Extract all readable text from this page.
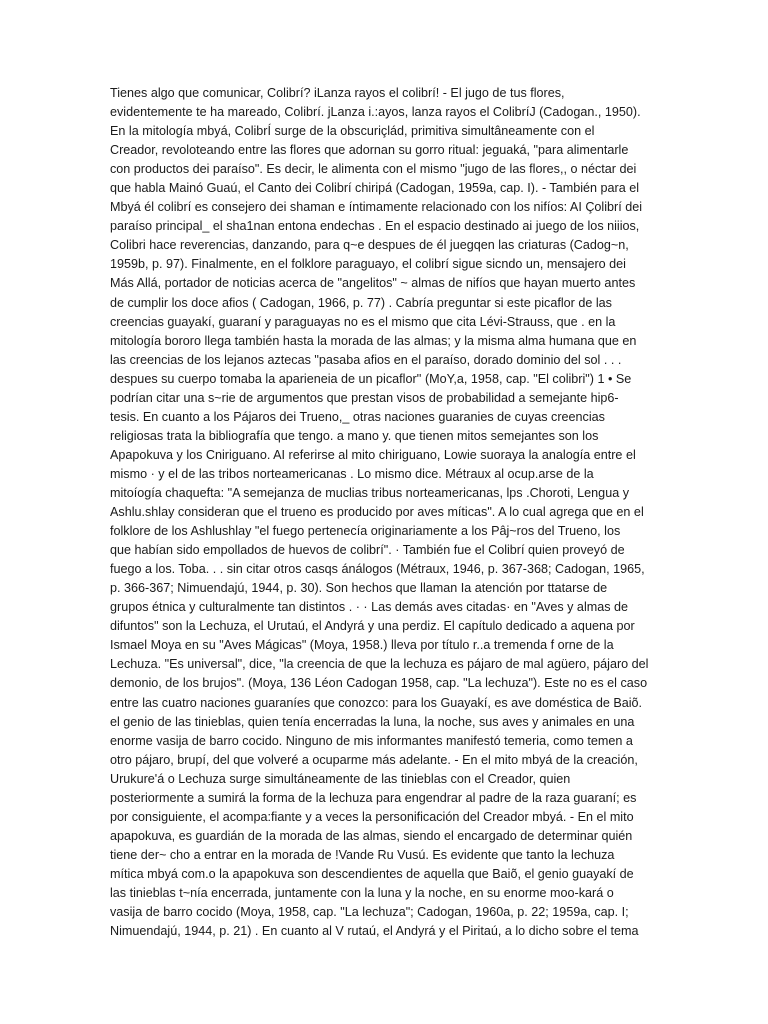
Tienes algo que comunicar, Colibrí? iLanza rayos el colibrí! - El jugo de tus flores,
evidentemente te ha mareado, Colibrí. jLanza i.:ayos, lanza rayos el ColibríJ (Cadogan., 1950).
En la mitología mbyá, ColibrÍ surge de la obscuriçlád, primitiva simultâneamente con el
Creador, revoloteando entre las flores que adornan su gorro ritual: jeguaká, "para alimentarle
con productos dei paraíso". Es decir, le alimenta con el mismo "jugo de las flores,, o néctar dei
que habla Mainó Guaú, el Canto dei Colibrí chiripá (Cadogan, 1959a, cap. I). - También para el
Mbyá él colibrí es consejero dei shaman e íntimamente relacionado con los nifíos: AI Çolibrí dei
paraíso principal_ el sha1nan entona endechas . En el espacio destinado ai juego de los niiios,
Colibri hace reverencias, danzando, para q~e despues de él juegqen las criaturas (Cadog~n,
1959b, p. 97). Finalmente, en el folklore paraguayo, el colibrí sigue sicndo un, mensajero dei
Más Allá, portador de noticias acerca de "angelitos" ~ almas de nifíos que hayan muerto antes
de cumplir los doce afios ( Cadogan, 1966, p. 77) . Cabría preguntar si este picaflor de las
creencias guayakí, guaraní y paraguayas no es el mismo que cita Lévi-Strauss, que . en la
mitología bororo llega también hasta la morada de las almas; y la misma alma humana que en
las creencias de los lejanos aztecas "pasaba afios en el paraíso, dorado dominio del sol . . .
despues su cuerpo tomaba la aparieneia de un picaflor'' (MoY,a, 1958, cap. "El colibri") 1 • Se
podrían citar una s~rie de argumentos que prestan visos de probabilidad a semejante hip6-
tesis. En cuanto a los Pájaros dei Trueno,_ otras naciones guaranies de cuyas creencias
religiosas trata la bibliografía que tengo. a mano y. que tienen mitos semejantes son los
Apapokuva y los Cniriguano. AI referirse al mito chiriguano, Lowie suoraya la analogía entre el
mismo · y el de las tribos norteamericanas . Lo mismo dice. Métraux al ocup.arse de la
mitoíogía chaquefta: "A semejanza de muclias tribus norteamericanas, lps .Choroti, Lengua y
Ashlu.shlay consideran que el trueno es producido por aves míticas". A lo cual agrega que en el
folklore de los Ashlushlay "el fuego pertenecía originariamente a los Pâj~ros del Trueno, los
que habían sido empollados de huevos de colibrí". · También fue el Colibrí quien proveyó de
fuego a los. Toba. . . sin citar otros casqs ánálogos (Métraux, 1946, p. 367-368; Cadogan, 1965,
p. 366-367; Nimuendajú, 1944, p. 30). Son hechos que llaman Ia atención por ttatarse de
grupos étnica y culturalmente tan distintos . · · Las demás aves citadas· en "Aves y almas de
difuntos" son la Lechuza, el Urutaú, el Andyrá y una perdiz. El capítulo dedicado a aquena por
Ismael Moya en su "Aves Mágicas" (Moya, 1958.) lleva por título r..a tremenda f orne de la
Lechuza. "Es universal", dice, "la creencia de que la lechuza es pájaro de mal agüero, pájaro del
demonio, de los brujos". (Moya, 136 Léon Cadogan 1958, cap. "La lechuza"). Este no es el caso
entre las cuatro naciones guaraníes que conozco: para los Guayakí, es ave doméstica de Baiõ.
el genio de las tinieblas, quien tenía encerradas la luna, la noche, sus aves y animales en una
enorme vasija de barro cocido. Ninguno de mis informantes manifestó temeria, como temen a
otro pájaro, brupí, del que volveré a ocuparme más adelante. - En el mito mbyá de la creación,
Urukure'á o Lechuza surge simultáneamente de las tinieblas con el Creador, quien
posteriormente a sumirá la forma de la lechuza para engendrar al padre de la raza guaraní; es
por consiguiente, el acompa:fiante y a veces la personificación del Creador mbyá. - En el mito
apapokuva, es guardián de Ia morada de las almas, siendo el encargado de determinar quién
tiene der~ cho a entrar en la morada de !Vande Ru Vusú. Es evidente que tanto la lechuza
mítica mbyá com.o la apapokuva son descendientes de aquella que Baiõ, el genio guayakí de
las tinieblas t~nía encerrada, juntamente con la luna y la noche, en su enorme moo-kará o
vasija de barro cocido (Moya, 1958, cap. "La lechuza"; Cadogan, 1960a, p. 22; 1959a, cap. I;
Nimuendajú, 1944, p. 21) . En cuanto al V rutaú, el Andyrá y el Piritaú, a lo dicho sobre el tema
